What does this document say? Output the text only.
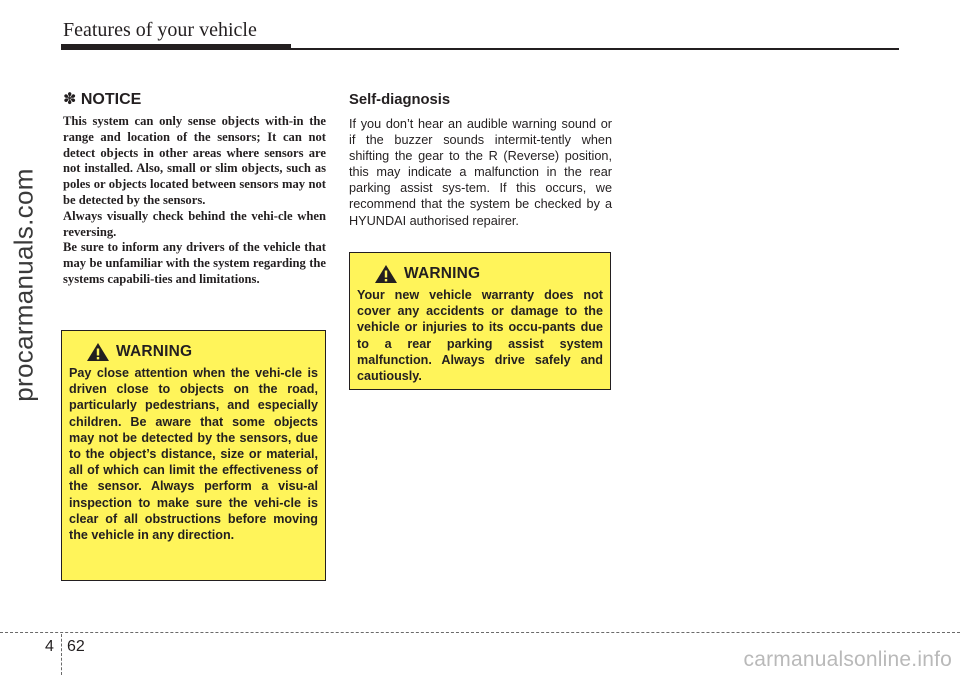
Features of your vehicle
procarmanuals.com
✽ NOTICE

This system can only sense objects with-in the range and location of the sensors; It can not detect objects in other areas where sensors are not installed. Also, small or slim objects, such as poles or objects located between sensors may not be detected by the sensors.

Always visually check behind the vehi-cle when reversing.

Be sure to inform any drivers of the vehicle that may be unfamiliar with the system regarding the systems capabili-ties and limitations.

WARNING

Pay close attention when the vehi-cle is driven close to objects on the road, particularly pedestrians, and especially children. Be aware that some objects may not be detected by the sensors, due to the object’s distance, size or material, all of which can limit the effectiveness of the sensor. Always perform a visu-al inspection to make sure the vehi-cle is clear of all obstructions before moving the vehicle in any direction.

Self-diagnosis

If you don’t hear an audible warning sound or if the buzzer sounds intermit-tently when shifting the gear to the R (Reverse) position, this may indicate a malfunction in the rear parking assist sys-tem. If this occurs, we recommend that the system be checked by a HYUNDAI authorised repairer.

WARNING

Your new vehicle warranty does not cover any accidents or damage to the vehicle or injuries to its occu-pants due to a rear parking assist system malfunction. Always drive safely and cautiously.

4 62
carmanualsonline.info
